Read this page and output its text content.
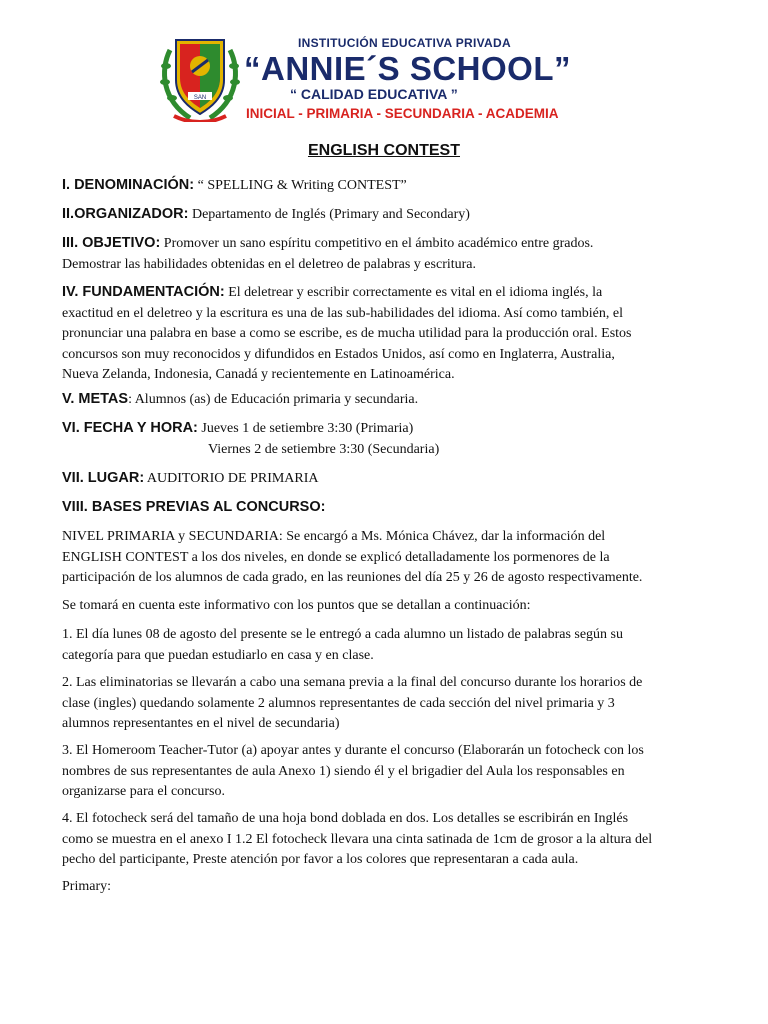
SAN
INSTITUCIÓN EDUCATIVA PRIVADA
“ANNIE´S SCHOOL”
“ CALIDAD EDUCATIVA ”
INICIAL - PRIMARIA - SECUNDARIA - ACADEMIA
ENGLISH CONTEST

I. DENOMINACIÓN: “ SPELLING & Writing CONTEST”

II.ORGANIZADOR: Departamento de Inglés (Primary and Secondary)

III. OBJETIVO: Promover un sano espíritu competitivo en el ámbito académico entre grados.
Demostrar las habilidades obtenidas en el deletreo de palabras y escritura.

IV. FUNDAMENTACIÓN: El deletrear y escribir correctamente es vital en el idioma inglés, la
exactitud en el deletreo y la escritura es una de las sub-habilidades del idioma. Así como también, el
pronunciar una palabra en base a como se escribe, es de mucha utilidad para la producción oral. Estos
concursos son muy reconocidos y difundidos en Estados Unidos, así como en Inglaterra, Australia,
Nueva Zelanda, Indonesia, Canadá y recientemente en Latinoamérica.

V. METAS: Alumnos (as) de Educación primaria y secundaria.

VI. FECHA Y HORA: Jueves 1 de setiembre 3:30 (Primaria)
Viernes 2 de setiembre 3:30 (Secundaria)

VII. LUGAR: AUDITORIO DE PRIMARIA

VIII. BASES PREVIAS AL CONCURSO:

NIVEL PRIMARIA y SECUNDARIA: Se encargó a Ms. Mónica Chávez, dar la información del
ENGLISH CONTEST a los dos niveles, en donde se explicó detalladamente los pormenores de la
participación de los alumnos de cada grado, en las reuniones del día 25 y 26 de agosto respectivamente.

Se tomará en cuenta este informativo con los puntos que se detallan a continuación:

1. El día lunes 08 de agosto del presente se le entregó a cada alumno un listado de palabras según su
categoría para que puedan estudiarlo en casa y en clase.

2. Las eliminatorias se llevarán a cabo una semana previa a la final del concurso durante los horarios de
clase (ingles) quedando solamente 2 alumnos representantes de cada sección del nivel primaria y 3
alumnos representantes en el nivel de secundaria)

3. El Homeroom Teacher-Tutor (a) apoyar antes y durante el concurso (Elaborarán un fotocheck con los
nombres de sus representantes de aula Anexo 1) siendo él y el brigadier del Aula los responsables en
organizarse para el concurso.

4. El fotocheck será del tamaño de una hoja bond doblada en dos. Los detalles se escribirán en Inglés
como se muestra en el anexo I 1.2 El fotocheck llevara una cinta satinada de 1cm de grosor a la altura del
pecho del participante, Preste atención por favor a los colores que representaran a cada aula.

Primary:
